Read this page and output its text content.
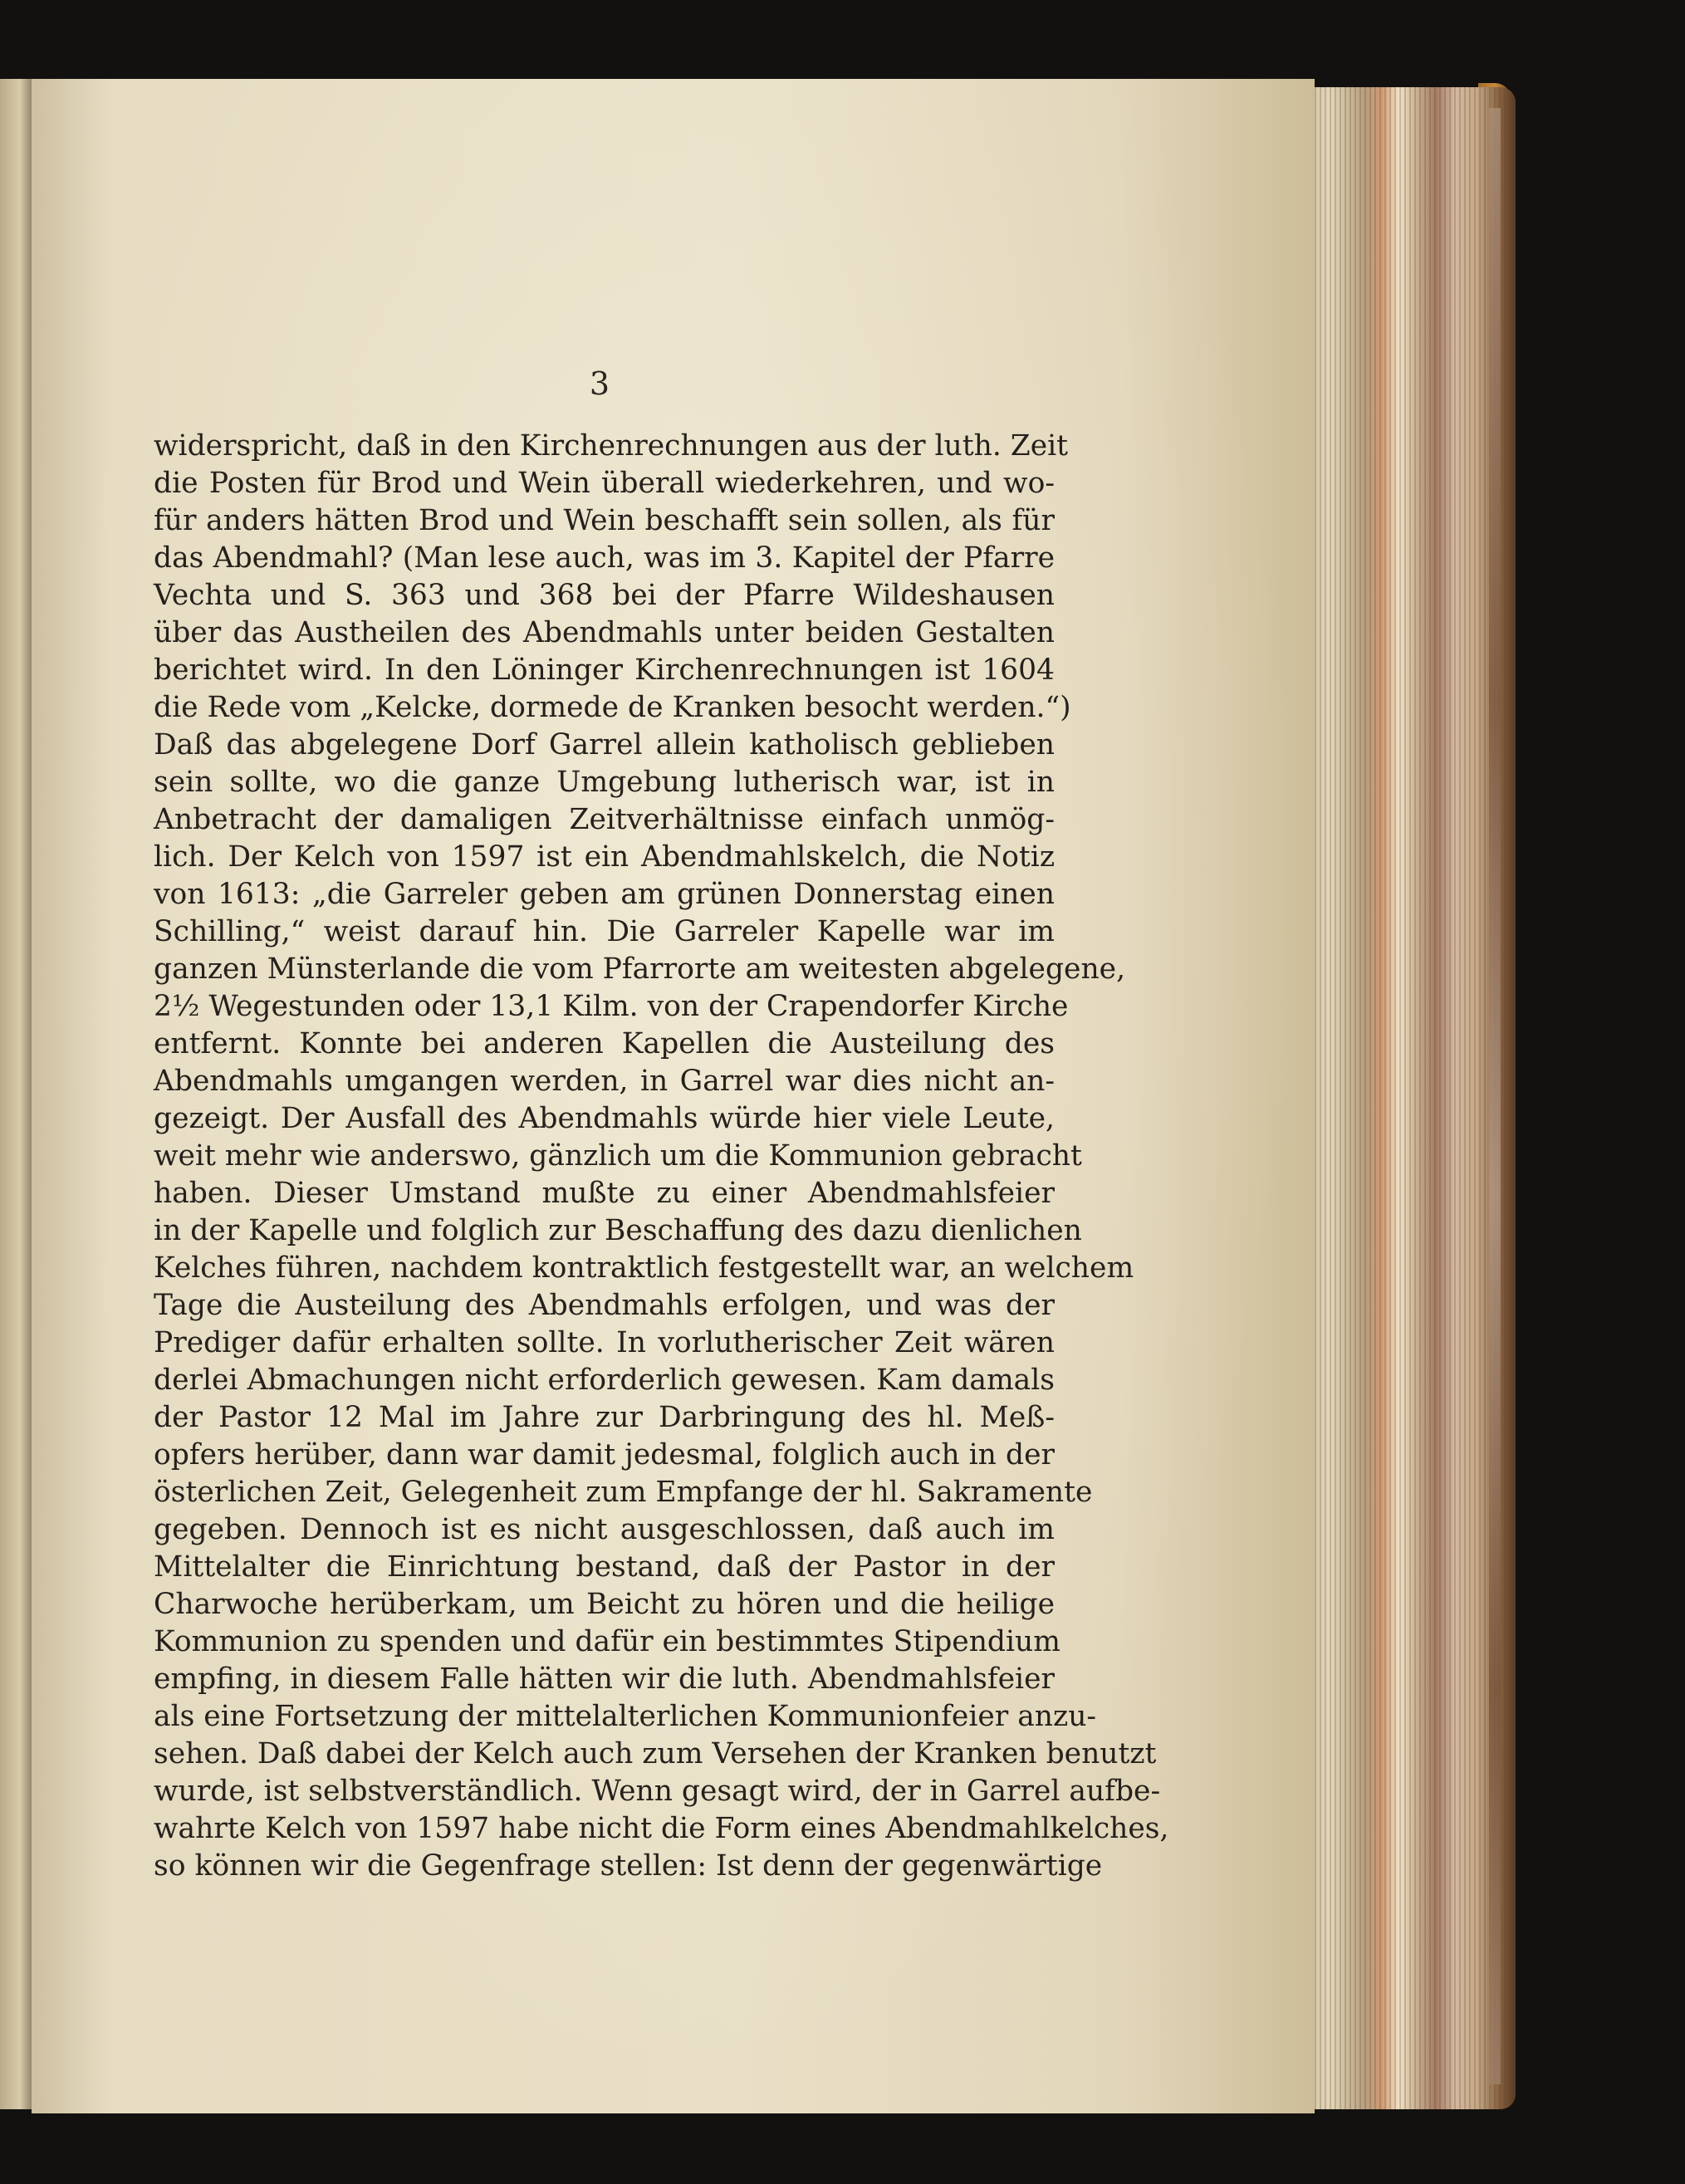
3
widerspricht, daß in den Kirchenrechnungen aus der luth. Zeit
die Posten für Brod und Wein überall wiederkehren, und wo-
für anders hätten Brod und Wein beschafft sein sollen, als für
das Abendmahl? (Man lese auch, was im 3. Kapitel der Pfarre
Vechta und S. 363 und 368 bei der Pfarre Wildeshausen
über das Austheilen des Abendmahls unter beiden Gestalten
berichtet wird. In den Löninger Kirchenrechnungen ist 1604
die Rede vom „Kelcke, dormede de Kranken besocht werden.“)
Daß das abgelegene Dorf Garrel allein katholisch geblieben
sein sollte, wo die ganze Umgebung lutherisch war, ist in
Anbetracht der damaligen Zeitverhältnisse einfach unmög-
lich. Der Kelch von 1597 ist ein Abendmahlskelch, die Notiz
von 1613: „die Garreler geben am grünen Donnerstag einen
Schilling,“ weist darauf hin. Die Garreler Kapelle war im
ganzen Münsterlande die vom Pfarrorte am weitesten abgelegene,
2½ Wegestunden oder 13,1 Kilm. von der Crapendorfer Kirche
entfernt. Konnte bei anderen Kapellen die Austeilung des
Abendmahls umgangen werden, in Garrel war dies nicht an-
gezeigt. Der Ausfall des Abendmahls würde hier viele Leute,
weit mehr wie anderswo, gänzlich um die Kommunion gebracht
haben. Dieser Umstand mußte zu einer Abendmahlsfeier
in der Kapelle und folglich zur Beschaffung des dazu dienlichen
Kelches führen, nachdem kontraktlich festgestellt war, an welchem
Tage die Austeilung des Abendmahls erfolgen, und was der
Prediger dafür erhalten sollte. In vorlutherischer Zeit wären
derlei Abmachungen nicht erforderlich gewesen. Kam damals
der Pastor 12 Mal im Jahre zur Darbringung des hl. Meß-
opfers herüber, dann war damit jedesmal, folglich auch in der
österlichen Zeit, Gelegenheit zum Empfange der hl. Sakramente
gegeben. Dennoch ist es nicht ausgeschlossen, daß auch im
Mittelalter die Einrichtung bestand, daß der Pastor in der
Charwoche herüberkam, um Beicht zu hören und die heilige
Kommunion zu spenden und dafür ein bestimmtes Stipendium
empfing, in diesem Falle hätten wir die luth. Abendmahlsfeier
als eine Fortsetzung der mittelalterlichen Kommunionfeier anzu-
sehen. Daß dabei der Kelch auch zum Versehen der Kranken benutzt
wurde, ist selbstverständlich. Wenn gesagt wird, der in Garrel aufbe-
wahrte Kelch von 1597 habe nicht die Form eines Abendmahlkelches,
so können wir die Gegenfrage stellen: Ist denn der gegenwärtige
